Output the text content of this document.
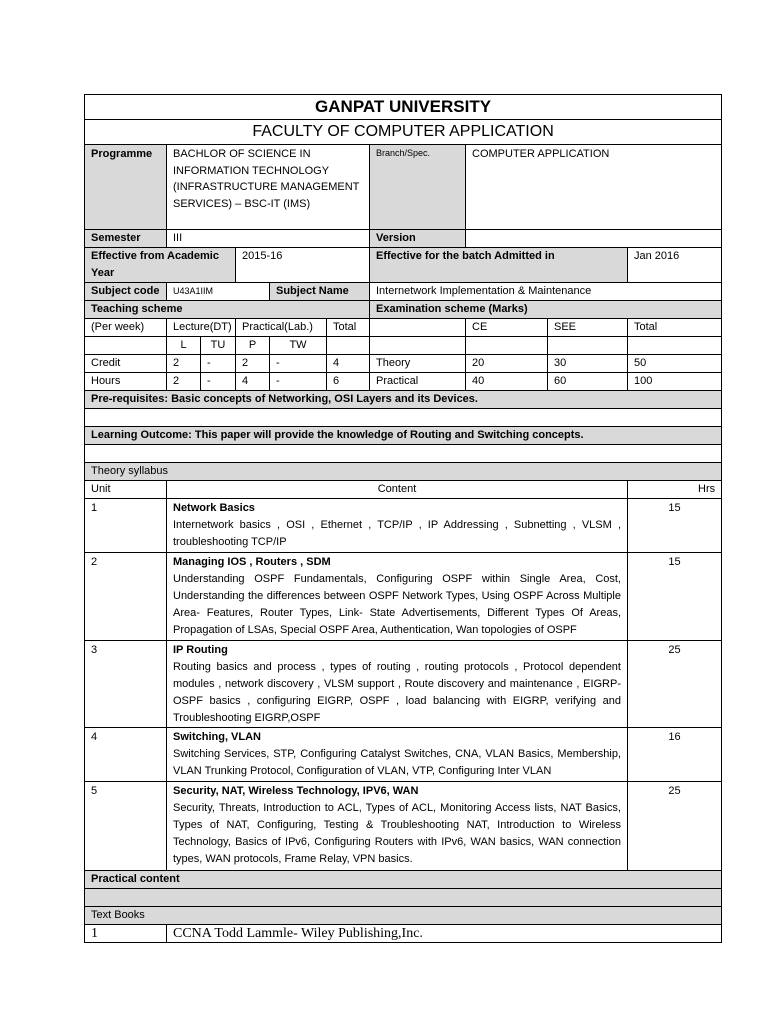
GANPAT UNIVERSITY									
FACULTY OF COMPUTER APPLICATION									
Programme	BACHLOR OF SCIENCE IN INFORMATION TECHNOLOGY (INFRASTRUCTURE MANAGEMENT SERVICES) – BSC-IT (IMS)					Branch/Spec.	COMPUTER APPLICATION		
Semester	III					Version			
Effective from Academic Year			2015-16			Effective for the batch Admitted in			Jan 2016
Subject code	U43A1IIM			Subject Name		Internetwork Implementation & Maintenance			
Teaching scheme						Examination scheme (Marks)			
(Per week)	Lecture(DT)		Practical(Lab.)		Total		CE	SEE	Total
	L	TU	P	TW					
Credit	2	-	2	-	4	Theory	20	30	50
Hours	2	-	4	-	6	Practical	40	60	100
Pre-requisites: Basic concepts of Networking, OSI Layers and its Devices.									

Learning Outcome: This paper will provide the knowledge of Routing and Switching concepts.									

Theory syllabus									
Unit	Content								Hrs
1	Network Basics
Internetwork basics , OSI , Ethernet , TCP/IP , IP Addressing , Subnetting , VLSM , troubleshooting TCP/IP								15
2	Managing IOS , Routers , SDM
Understanding OSPF Fundamentals, Configuring OSPF within Single Area, Cost, Understanding the differences between OSPF Network Types, Using OSPF Across Multiple Area- Features, Router Types, Link- State Advertisements, Different Types Of Areas, Propagation of LSAs, Special OSPF Area, Authentication, Wan topologies of OSPF								15
3	IP Routing
Routing basics and process , types of routing , routing protocols , Protocol dependent modules , network discovery , VLSM support , Route discovery and maintenance , EIGRP- OSPF basics , configuring EIGRP, OSPF , load balancing with EIGRP, verifying and Troubleshooting EIGRP,OSPF								25
4	Switching, VLAN
Switching Services, STP, Configuring Catalyst Switches, CNA, VLAN Basics, Membership, VLAN Trunking Protocol, Configuration of VLAN, VTP, Configuring Inter VLAN								16
5	Security, NAT, Wireless Technology, IPV6, WAN
Security, Threats, Introduction to ACL, Types of ACL, Monitoring Access lists, NAT Basics, Types of NAT, Configuring, Testing & Troubleshooting NAT, Introduction to Wireless Technology, Basics of IPv6, Configuring Routers with IPv6, WAN basics, WAN connection types, WAN protocols, Frame Relay, VPN basics.								25
Practical content									

Text Books									
1	CCNA Todd Lammle- Wiley Publishing,Inc.								
